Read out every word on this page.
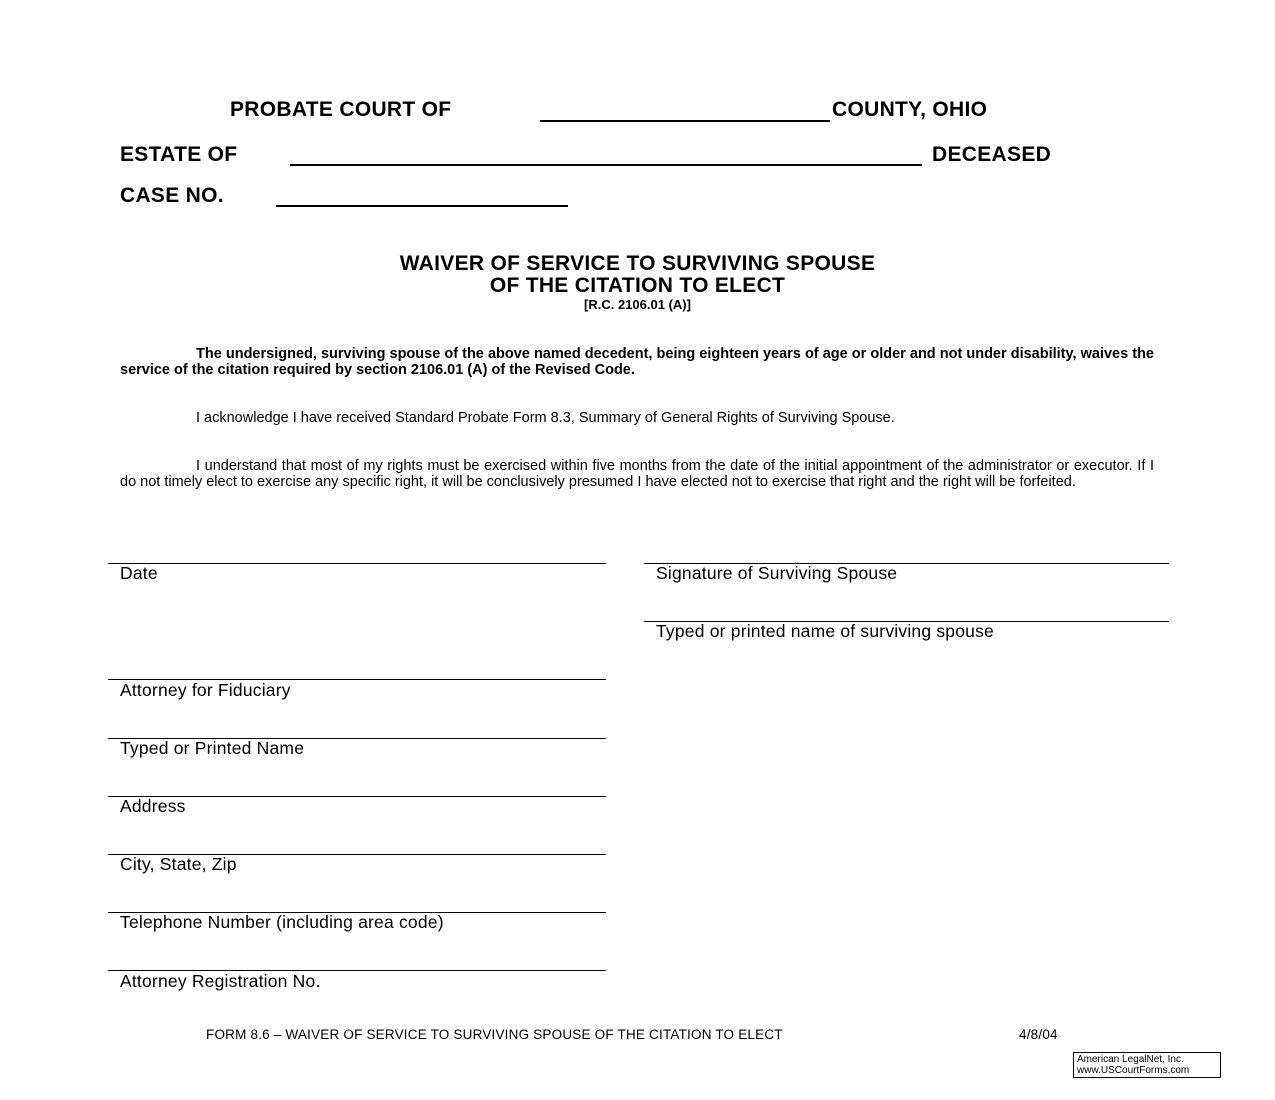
PROBATE COURT OF	COUNTY, OHIO
ESTATE OF	DECEASED
CASE NO.
WAIVER OF SERVICE TO SURVIVING SPOUSE
OF THE CITATION TO ELECT
[R.C. 2106.01 (A)]

The undersigned, surviving spouse of the above named decedent, being eighteen years of age or older and not under disability, waives the service of the citation required by section 2106.01 (A) of the Revised Code.

I acknowledge I have received Standard Probate Form 8.3, Summary of General Rights of Surviving Spouse.

I understand that most of my rights must be exercised within five months from the date of the initial appointment of the administrator or executor. If I do not timely elect to exercise any specific right, it will be conclusively presumed I have elected not to exercise that right and the right will be forfeited.

Date
Attorney for Fiduciary
Typed or Printed Name
Address
City, State, Zip
Telephone Number (including area code)
Attorney Registration No.
Signature of Surviving Spouse
Typed or printed name of surviving spouse
FORM 8.6 – WAIVER OF SERVICE TO SURVIVING SPOUSE OF THE CITATION TO ELECT	4/8/04
American LegalNet, Inc.
www.USCourtForms.com
